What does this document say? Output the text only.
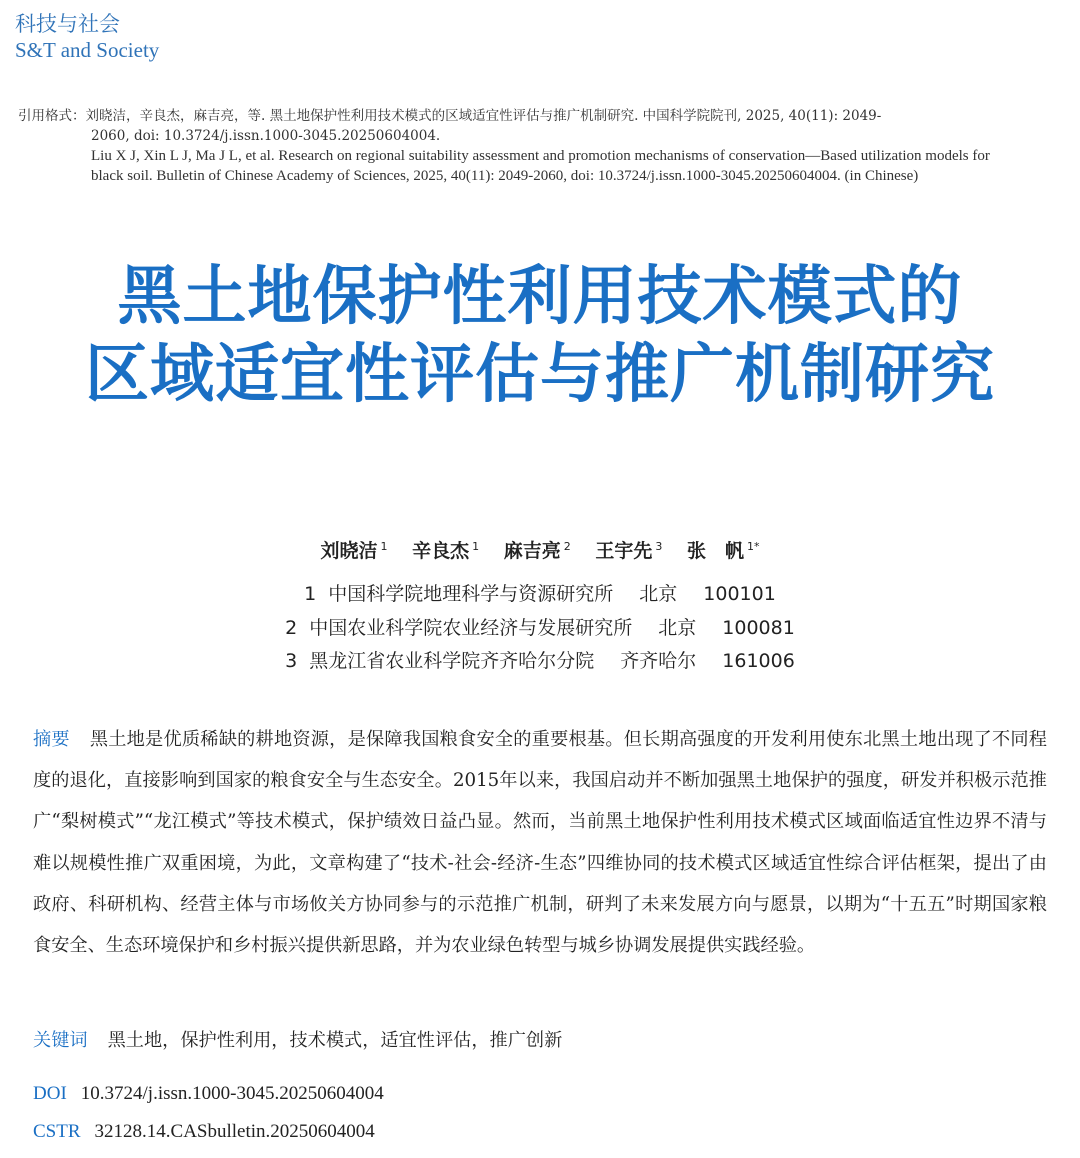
科技与社会
S&T and Society
引用格式：刘晓洁，辛良杰，麻吉亮，等. 黑土地保护性利用技术模式的区域适宜性评估与推广机制研究. 中国科学院院刊, 2025, 40(11): 2049-
2060, doi: 10.3724/j.issn.1000-3045.20250604004.
Liu X J, Xin L J, Ma J L, et al. Research on regional suitability assessment and promotion mechanisms of conservation—Based utilization models for
black soil. Bulletin of Chinese Academy of Sciences, 2025, 40(11): 2049-2060, doi: 10.3724/j.issn.1000-3045.20250604004. (in Chinese)
黑土地保护性利用技术模式的
区域适宜性评估与推广机制研究
刘晓洁 $^1$ 辛良杰 $^1$ 麻吉亮 $^2$ 王宇先 $^3$ 张　帆 $^{1*}$
1 中国科学院地理科学与资源研究所 北京 100101
2 中国农业科学院农业经济与发展研究所 北京 100081
3 黑龙江省农业科学院齐齐哈尔分院 齐齐哈尔 161006
摘要 黑土地是优质稀缺的耕地资源，是保障我国粮食安全的重要根基。但长期高强度的开发利用使东北黑土地出现了不同程度的退化，直接影响到国家的粮食安全与生态安全。2015年以来，我国启动并不断加强黑土地保护的强度，研发并积极示范推广“梨树模式”“龙江模式”等技术模式，保护绩效日益凸显。然而，当前黑土地保护性利用技术模式区域面临适宜性边界不清与难以规模性推广双重困境，为此，文章构建了“技术-社会-经济-生态”四维协同的技术模式区域适宜性综合评估框架，提出了由政府、科研机构、经营主体与市场攸关方协同参与的示范推广机制，研判了未来发展方向与愿景，以期为“十五五”时期国家粮食安全、生态环境保护和乡村振兴提供新思路，并为农业绿色转型与城乡协调发展提供实践经验。
关键词 黑土地，保护性利用，技术模式，适宜性评估，推广创新
DOI 10.3724/j.issn.1000-3045.20250604004
CSTR 32128.14.CASbulletin.20250604004
